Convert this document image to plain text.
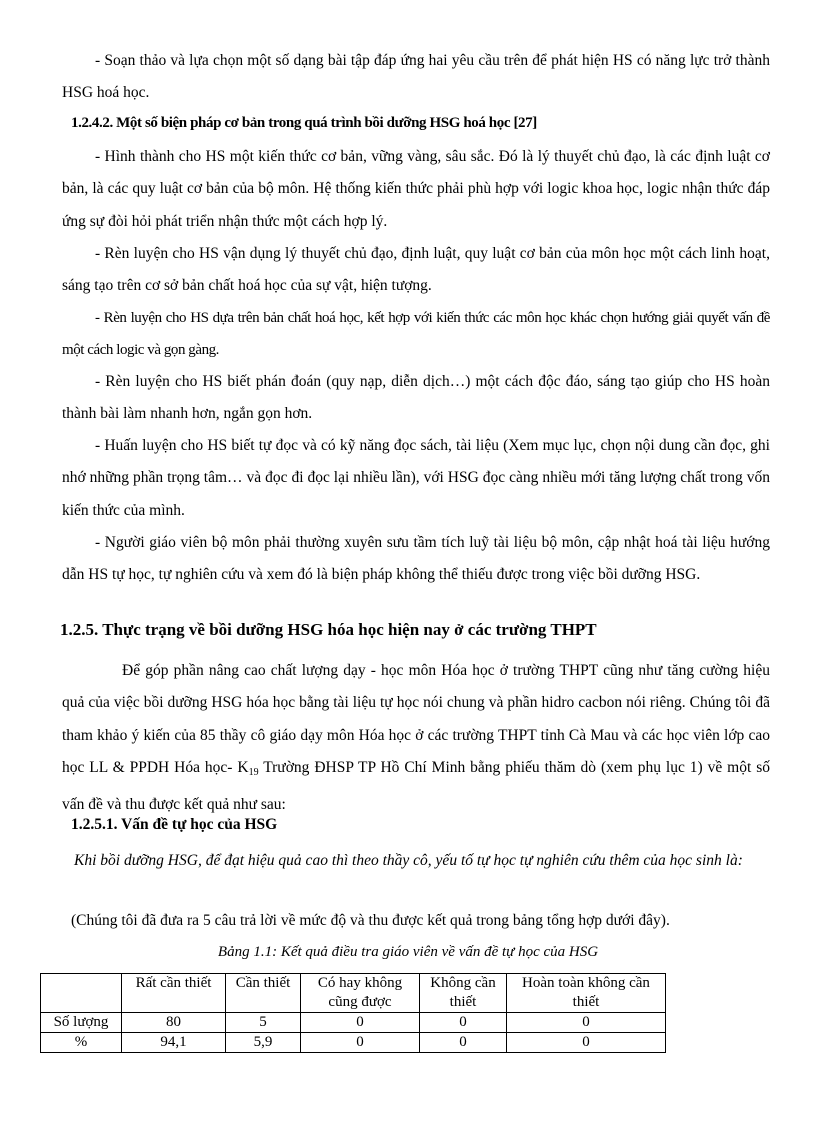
- Soạn thảo và lựa chọn một số dạng bài tập đáp ứng hai yêu cầu trên để phát hiện HS có năng lực trở thành HSG hoá học.
1.2.4.2. Một số biện pháp cơ bản trong quá trình bồi dưỡng HSG hoá học [27]
- Hình thành cho HS một kiến thức cơ bản, vững vàng, sâu sắc. Đó là lý thuyết chủ đạo, là các định luật cơ bản, là các quy luật cơ bản của bộ môn. Hệ thống kiến thức phải phù hợp với logic khoa học, logic nhận thức đáp ứng sự đòi hỏi phát triển nhận thức một cách hợp lý.
- Rèn luyện cho HS vận dụng lý thuyết chủ đạo, định luật, quy luật cơ bản của môn học một cách linh hoạt, sáng tạo trên cơ sở bản chất hoá học của sự vật, hiện tượng.
- Rèn luyện cho HS dựa trên bản chất hoá học, kết hợp với kiến thức các môn học khác chọn hướng giải quyết vấn đề một cách logic và gọn gàng.
- Rèn luyện cho HS biết phán đoán (quy nạp, diễn dịch…) một cách độc đáo, sáng tạo giúp cho HS hoàn thành bài làm nhanh hơn, ngắn gọn hơn.
- Huấn luyện cho HS biết tự đọc và có kỹ năng đọc sách, tài liệu (Xem mục lục, chọn nội dung cần đọc, ghi nhớ những phần trọng tâm… và đọc đi đọc lại nhiều lần), với HSG đọc càng nhiều mới tăng lượng chất trong vốn kiến thức của mình.
- Người giáo viên bộ môn phải thường xuyên sưu tầm tích luỹ tài liệu bộ môn, cập nhật hoá tài liệu hướng dẫn HS tự học, tự nghiên cứu và xem đó là biện pháp không thể thiếu được trong việc bồi dưỡng HSG.
1.2.5. Thực trạng về bồi dưỡng HSG hóa học hiện nay ở các trường THPT
Để góp phần nâng cao chất lượng dạy - học môn Hóa học ở trường THPT cũng như tăng cường hiệu quả của việc bồi dưỡng HSG hóa học bằng tài liệu tự học nói chung và phần hidro cacbon nói riêng. Chúng tôi đã tham khảo ý kiến của 85 thầy cô giáo dạy môn Hóa học ở các trường THPT tỉnh Cà Mau và các học viên lớp cao học LL & PPDH Hóa học- $K_{19}$ Trường ĐHSP TP Hồ Chí Minh bằng phiếu thăm dò (xem phụ lục 1) về một số vấn đề và thu được kết quả như sau:
1.2.5.1. Vấn đề tự học của HSG
Khi bồi dưỡng HSG, để đạt hiệu quả cao thì theo thầy cô, yếu tố tự học tự nghiên cứu thêm của học sinh là:
(Chúng tôi đã đưa ra 5 câu trả lời về mức độ và thu được kết quả trong bảng tổng hợp dưới đây).
Bảng 1.1: Kết quả điều tra giáo viên về vấn đề tự học của HSG
	Rất cần thiết	Cần thiết	Có hay không cũng được	Không cần thiết	Hoàn toàn không cần thiết
Số lượng	80	5	0	0	0
%	94,1	5,9	0	0	0
